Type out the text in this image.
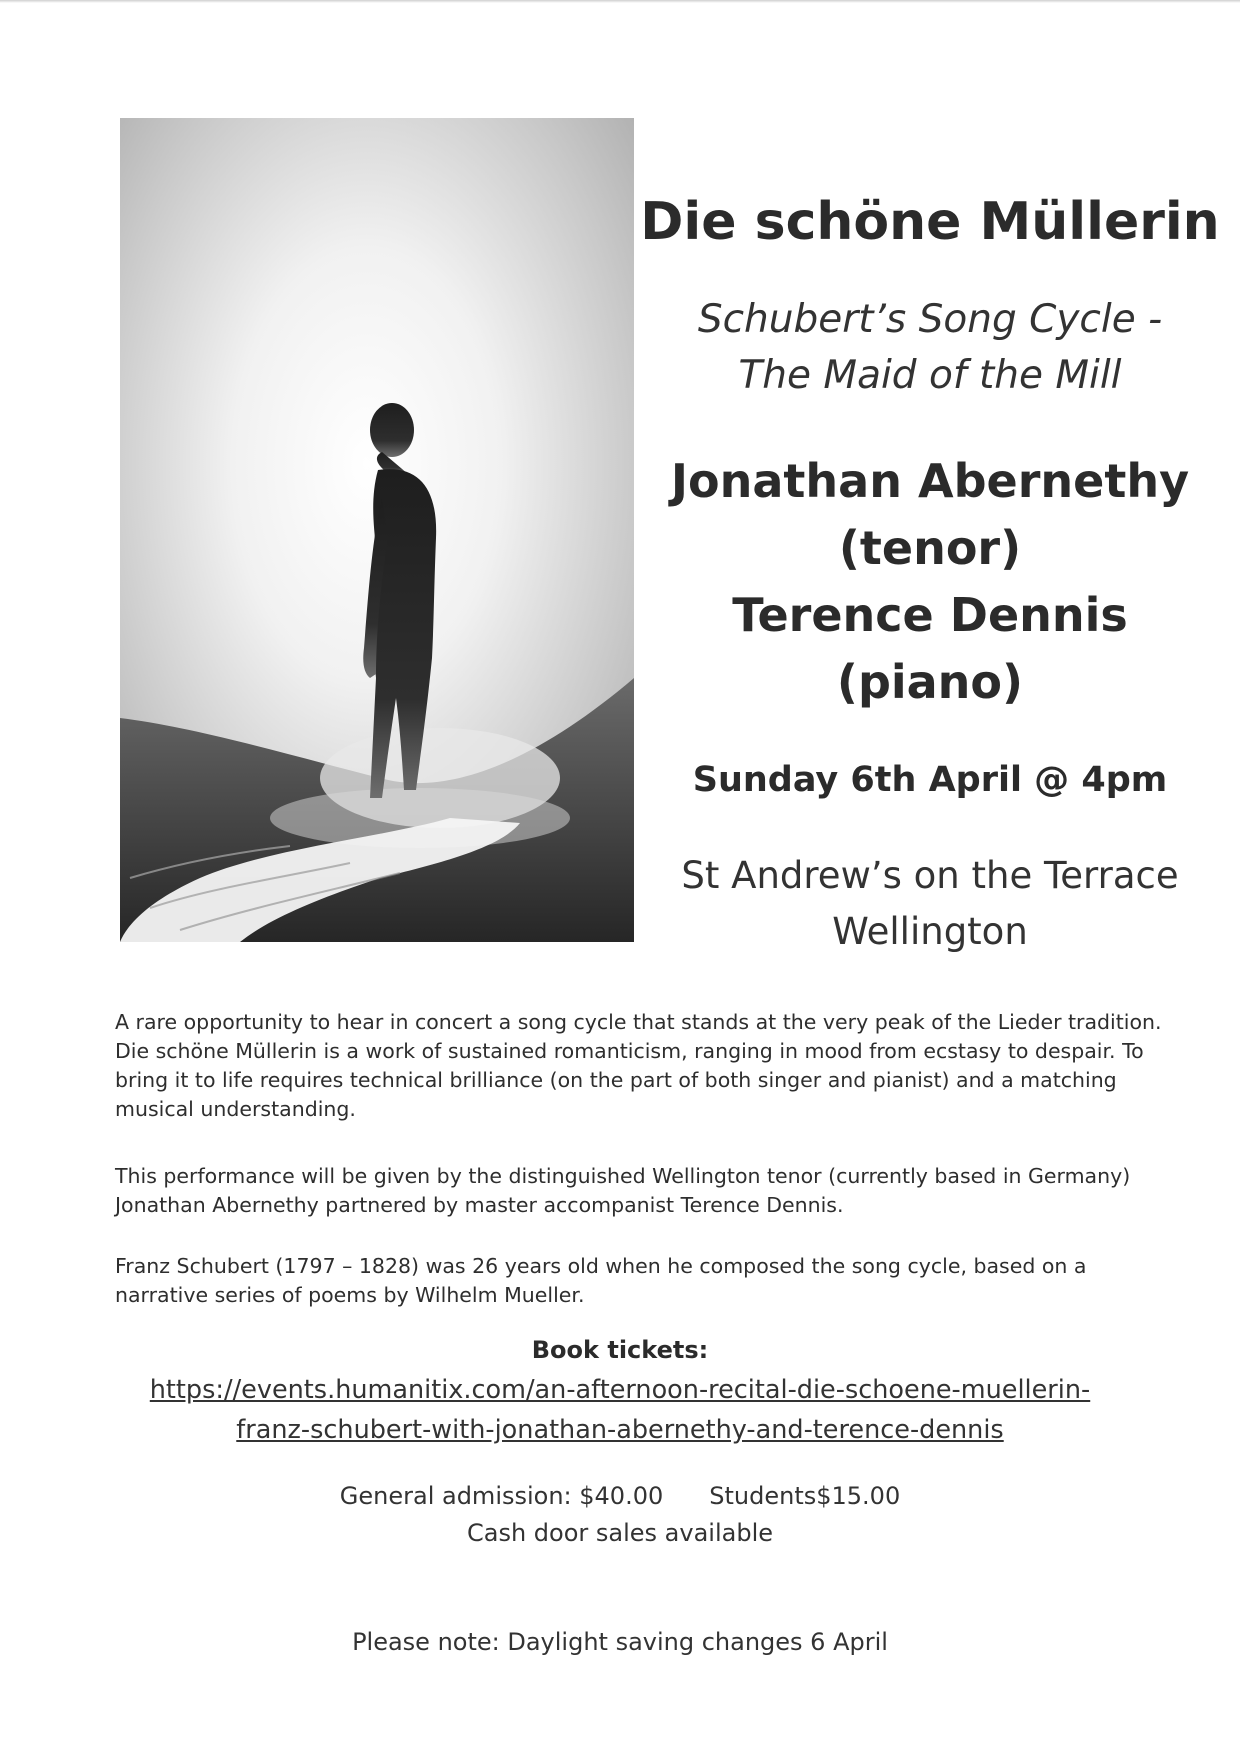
Die schöne Müllerin
Schubert’s Song Cycle -
The Maid of the Mill
Jonathan Abernethy
(tenor)
Terence Dennis
(piano)
Sunday 6th April @ 4pm
St Andrew’s on the Terrace
Wellington

A rare opportunity to hear in concert a song cycle that stands at the very peak of the Lieder tradition. Die schöne Müllerin is a work of sustained romanticism, ranging in mood from ecstasy to despair. To bring it to life requires technical brilliance (on the part of both singer and pianist) and a matching musical understanding.

This performance will be given by the distinguished Wellington tenor (currently based in Germany) Jonathan Abernethy partnered by master accompanist Terence Dennis.

Franz Schubert (1797 – 1828) was 26 years old when he composed the song cycle, based on a narrative series of poems by Wilhelm Mueller.

Book tickets:
https://events.humanitix.com/an-afternoon-recital-die-schoene-muellerin-
franz-schubert-with-jonathan-abernethy-and-terence-dennis
General admission: $40.00 Students$15.00
Cash door sales available
Please note: Daylight saving changes 6 April
